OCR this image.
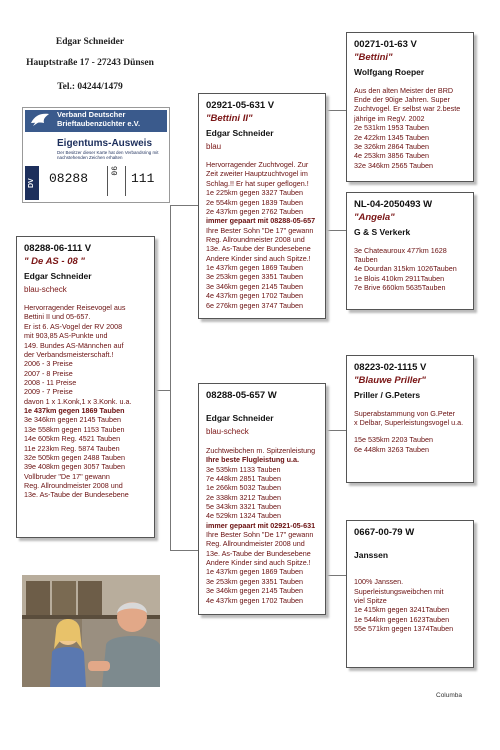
Edgar Schneider
Hauptstraße 17 - 27243 Dünsen
Tel.: 04244/1479
Verband Deutscher
Brieftaubenzüchter e.V.
Eigentums-Ausweis
Der Besitzer dieser Karte hat den Verbandsring mit nachstehenden Zeichen erhalten
DV	08288
06
111
08288-06-111 V
" De AS - 08 "
Edgar Schneider
blau-scheck
Hervorragender Reisevogel aus
Bettini II und 05-657.
Er ist 6. AS-Vogel der RV 2008
mit 903,85 AS-Punkte und
149. Bundes AS-Männchen auf
der Verbandsmeisterschaft.!
2006 - 3 Preise
2007 - 8 Preise
2008 - 11 Preise
2009 - 7 Preise
davon 1 x 1.Konk,1 x 3.Konk. u.a.
1e 437km gegen 1869 Tauben
3e 346km gegen 2145 Tauben
13e 558km gegen 1153 Tauben
14e 605km Reg. 4521 Tauben
11e 223km Reg. 5874 Tauben
32e 505km gegen 2488 Tauben
39e 408km gegen 3057 Tauben
Vollbruder "De 17" gewann
Reg. Allroundmeister 2008 und
13e. As-Taube der Bundesebene
02921-05-631 V
"Bettini II"
Edgar Schneider
blau
Hervorragender Zuchtvogel. Zur
Zeit zweiter Hauptzuchtvogel im
Schlag.!! Er hat super geflogen.!
1e 225km gegen 3327 Tauben
2e 554km gegen 1839 Tauben
2e 437km gegen 2762 Tauben
immer gepaart mit 08288-05-657
Ihre Bester Sohn "De 17" gewann
Reg. Allroundmeister 2008 und
13e. As-Taube der Bundesebene
Andere Kinder sind auch Spitze.!
1e 437km gegen 1869 Tauben
3e 253km gegen 3351 Tauben
3e 346km gegen 2145 Tauben
4e 437km gegen 1702 Tauben
6e 276km gegen 3747 Tauben
08288-05-657 W
Edgar Schneider
blau-scheck
Zuchtweibchen m. Spitzenleistung
Ihre beste Flugleistung u.a.
3e 535km 1133 Tauben
7e 448km 2851 Tauben
1e 266km 5032 Tauben
2e 338km 3212 Tauben
5e 343km 3321 Tauben
4e 529km 1324 Tauben
immer gepaart mit 02921-05-631
Ihre Bester Sohn "De 17" gewann
Reg. Allroundmeister 2008 und
13e. As-Taube der Bundesebene
Andere Kinder sind auch Spitze.!
1e 437km gegen 1869 Tauben
3e 253km gegen 3351 Tauben
3e 346km gegen 2145 Tauben
4e 437km gegen 1702 Tauben
00271-01-63 V
"Bettini"
Wolfgang Roeper
Aus den alten Meister der BRD
Ende der 90ige Jahren. Super
Zuchtvogel. Er selbst war 2.beste
jährige im RegV. 2002
2e 531km 1953 Tauben
2e 422km 1345 Tauben
3e 326km 2864 Tauben
4e 253km 3856 Tauben
32e 346km 2565 Tauben
NL-04-2050493 W
"Angela"
G & S Verkerk
3e Chateauroux 477km 1628
Tauben
4e Dourdan 315km 1026Tauben
1e Blois 410km 2911Tauben
7e Brive 660km 5635Tauben
08223-02-1115 V
"Blauwe Priller"
Priller / G.Peters
Superabstammung von G.Peter
x Delbar, Superleistungsvogel u.a.
15e 535km 2203 Tauben
6e 448km 3263 Tauben
0667-00-79 W
Janssen
100% Janssen.
Superleistungsweibchen mit
viel Spitze
1e 415km gegen 3241Tauben
1e 544km gegen 1623Tauben
55e 571km gegen 1374Tauben
Columba
